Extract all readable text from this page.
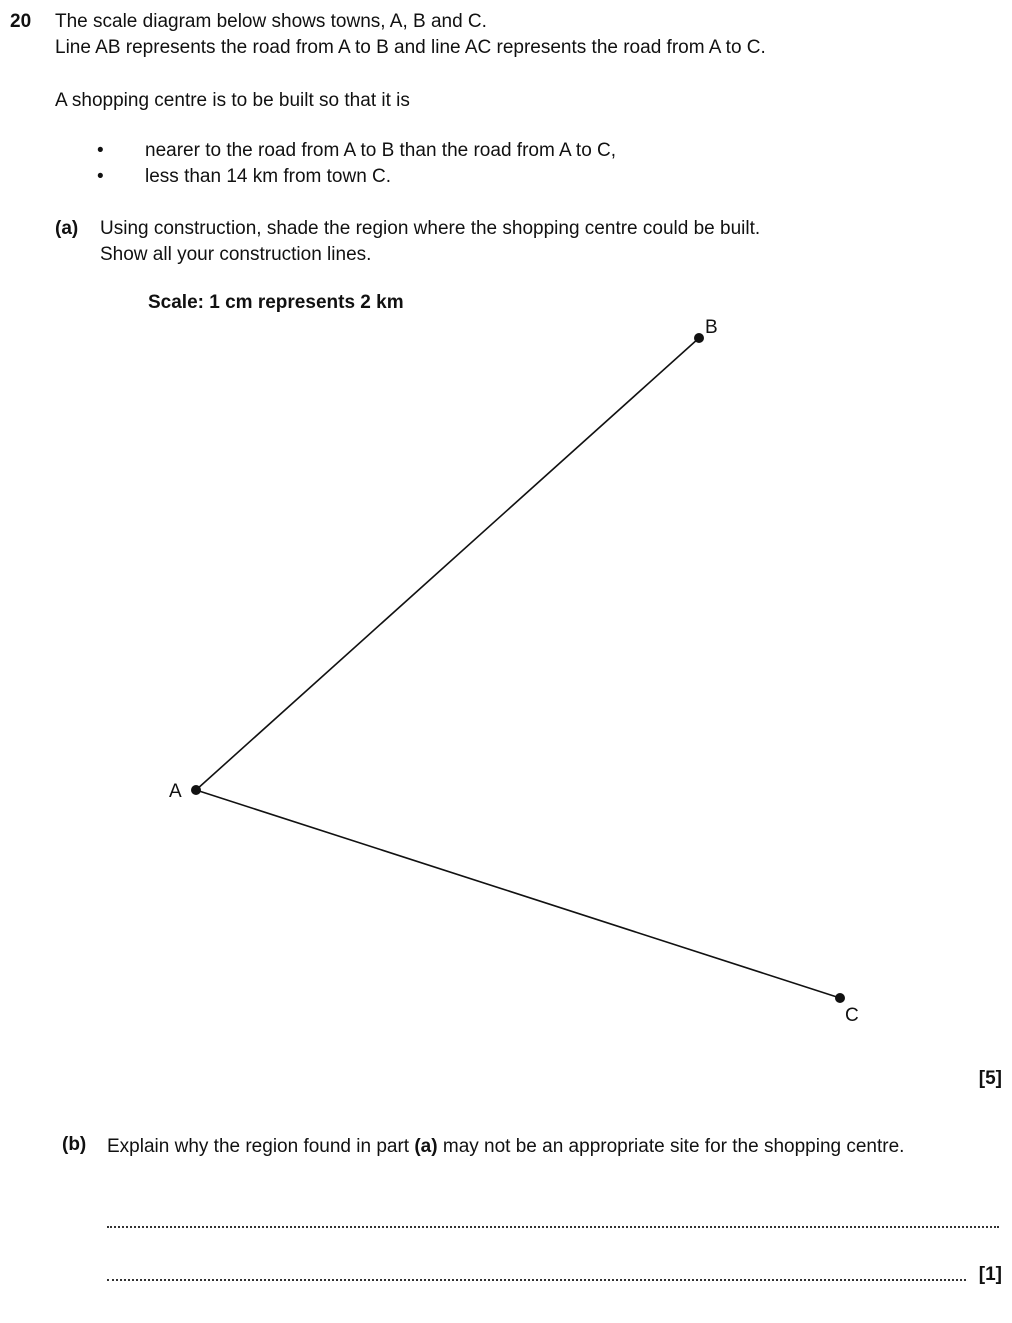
20 The scale diagram below shows towns, A, B and C.
Line AB represents the road from A to B and line AC represents the road from A to C.
A shopping centre is to be built so that it is
• nearer to the road from A to B than the road from A to C,
• less than 14 km from town C.
(a) Using construction, shade the region where the shopping centre could be built.
Show all your construction lines.
Scale: 1 cm represents 2 km
A
B
C
[5]
(b) Explain why the region found in part (a) may not be an appropriate site for the shopping centre.
[1]
